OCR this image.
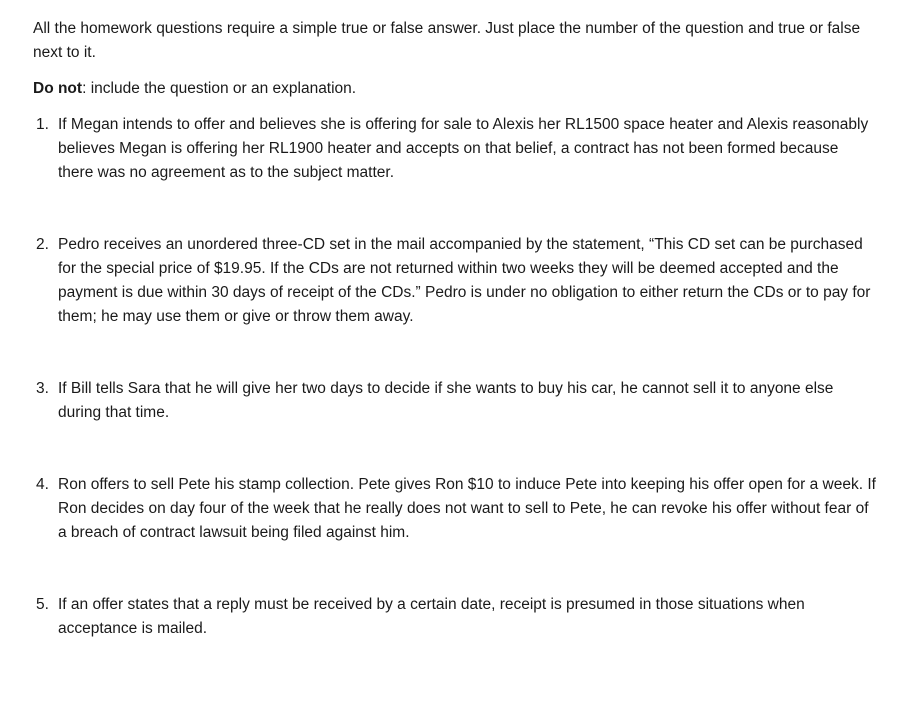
All the homework questions require a simple true or false answer. Just place the number of the question and true or false next to it.

Do not: include the question or an explanation.

1. If Megan intends to offer and believes she is offering for sale to Alexis her RL1500 space heater and Alexis reasonably believes Megan is offering her RL1900 heater and accepts on that belief, a contract has not been formed because there was no agreement as to the subject matter.
2. Pedro receives an unordered three-CD set in the mail accompanied by the statement, “This CD set can be purchased for the special price of $19.95. If the CDs are not returned within two weeks they will be deemed accepted and the payment is due within 30 days of receipt of the CDs.” Pedro is under no obligation to either return the CDs or to pay for them; he may use them or give or throw them away.
3. If Bill tells Sara that he will give her two days to decide if she wants to buy his car, he cannot sell it to anyone else during that time.
4. Ron offers to sell Pete his stamp collection. Pete gives Ron $10 to induce Pete into keeping his offer open for a week. If Ron decides on day four of the week that he really does not want to sell to Pete, he can revoke his offer without fear of a breach of contract lawsuit being filed against him.
5. If an offer states that a reply must be received by a certain date, receipt is presumed in those situations when acceptance is mailed.
